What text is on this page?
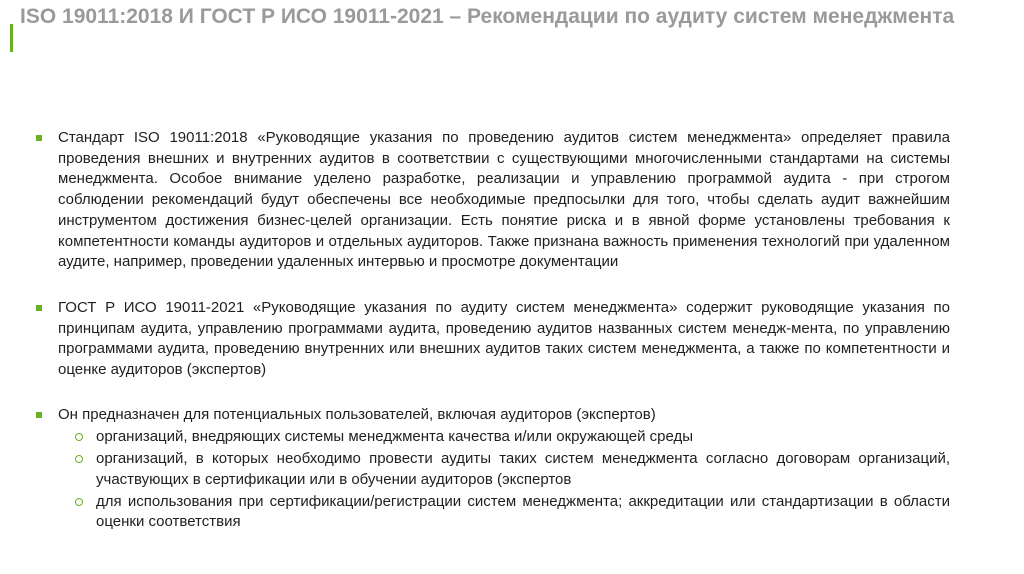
ISO 19011:2018 И ГОСТ Р ИСО 19011-2021 – Рекомендации по аудиту систем менеджмента
Стандарт ISO 19011:2018 «Руководящие указания по проведению аудитов систем менеджмента» определяет правила проведения внешних и внутренних аудитов в соответствии с существующими многочисленными стандартами на системы менеджмента. Особое внимание уделено разработке, реализации и управлению программой аудита - при строгом соблюдении рекомендаций будут обеспечены все необходимые предпосылки для того, чтобы сделать аудит важнейшим инструментом достижения бизнес-целей организации. Есть понятие риска и в явной форме установлены требования к компетентности команды аудиторов и отдельных аудиторов. Также признана важность применения технологий при удаленном аудите, например, проведении удаленных интервью и просмотре документации
ГОСТ Р ИСО 19011-2021 «Руководящие указания по аудиту систем менеджмента» содержит руководящие указания по принципам аудита, управлению программами аудита, проведению аудитов названных систем менедж-мента, по управлению программами аудита, проведению внутренних или внешних аудитов таких систем менеджмента, а также по компетентности и оценке аудиторов (экспертов)
Он предназначен для потенциальных пользователей, включая аудиторов (экспертов)
организаций, внедряющих системы менеджмента качества и/или окружающей среды
организаций, в которых необходимо провести аудиты таких систем менеджмента согласно договорам организаций, участвующих в сертификации или в обучении аудиторов (экспертов
для использования при сертификации/регистрации систем менеджмента; аккредитации или стандартизации в области оценки соответствия
